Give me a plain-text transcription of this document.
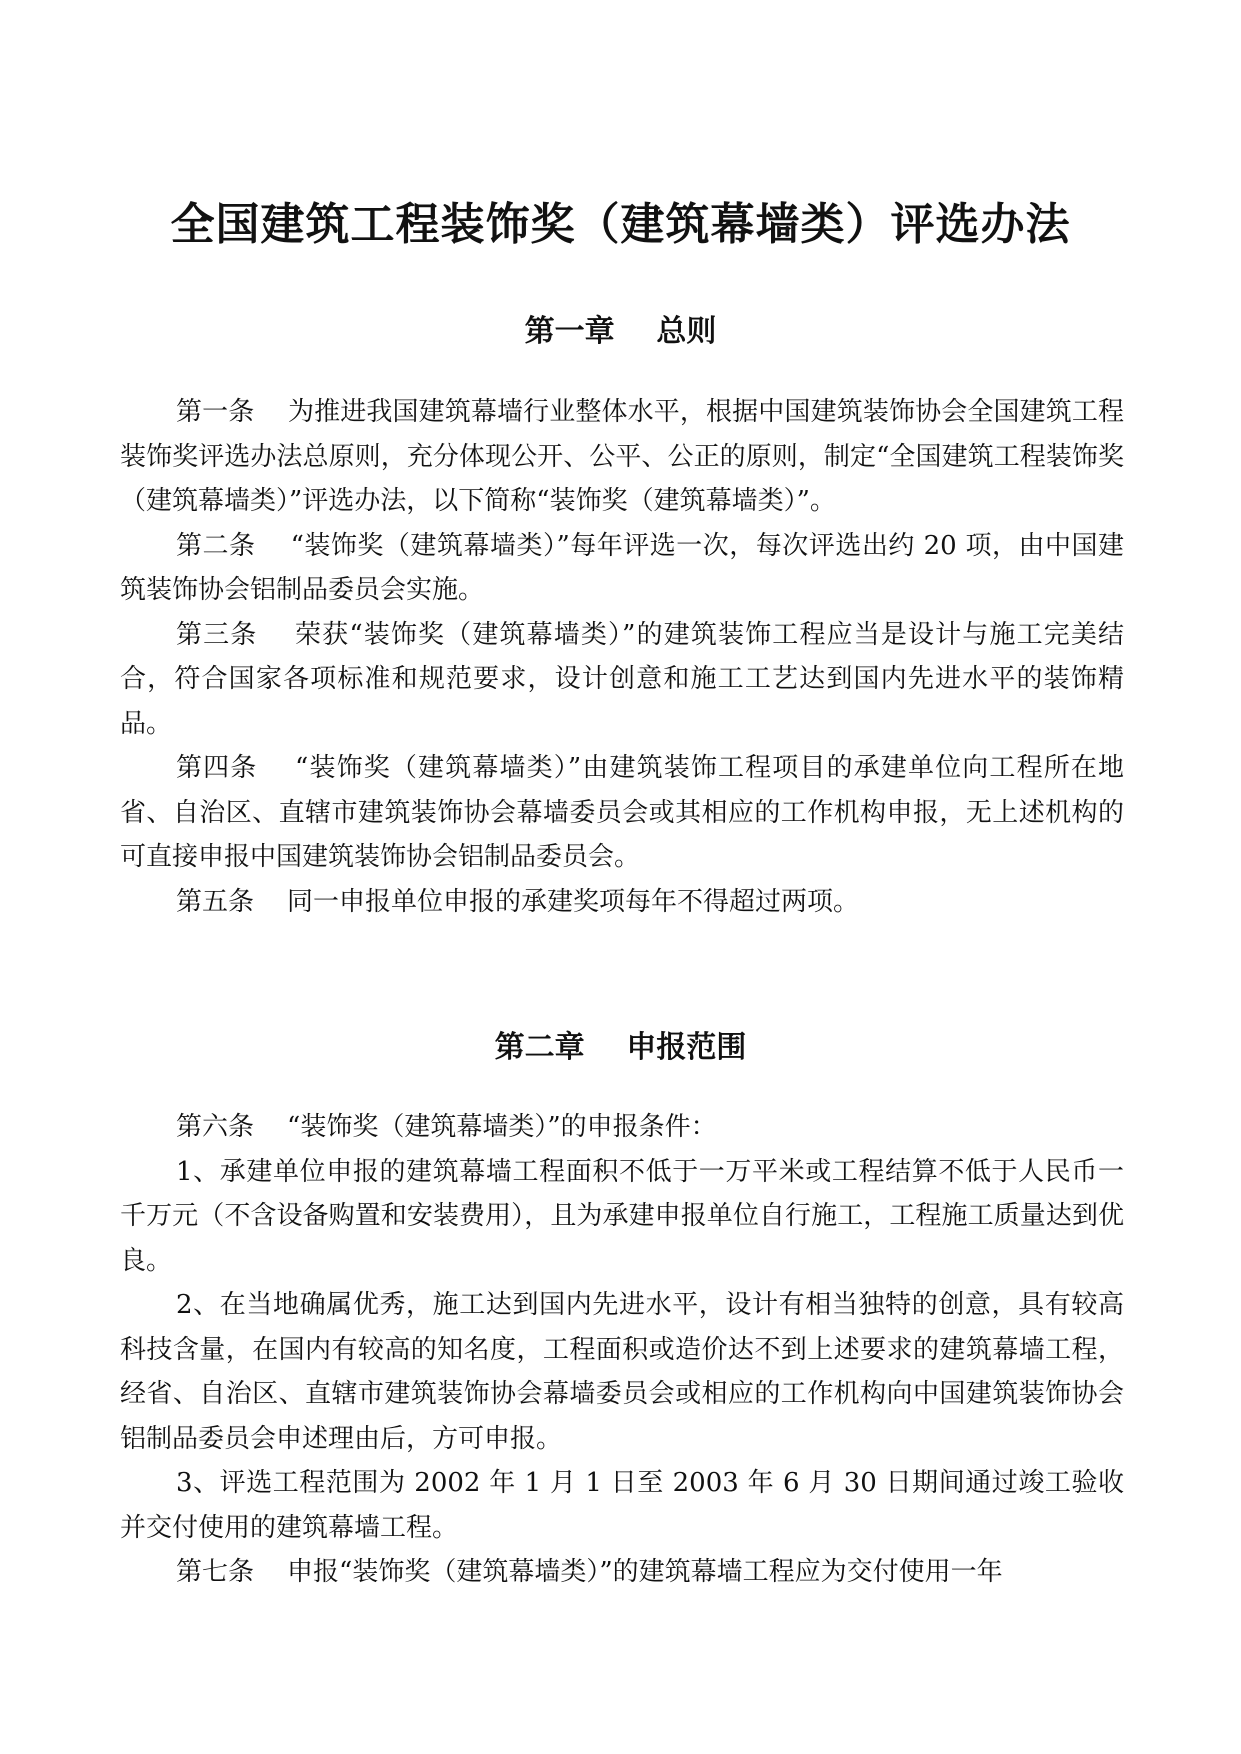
全国建筑工程装饰奖（建筑幕墙类）评选办法
第一章    总则

第一条    为推进我国建筑幕墙行业整体水平，根据中国建筑装饰协会全国建筑工程装饰奖评选办法总原则，充分体现公开、公平、公正的原则，制定“全国建筑工程装饰奖（建筑幕墙类）”评选办法，以下简称“装饰奖（建筑幕墙类）”。

第二条    “装饰奖（建筑幕墙类）”每年评选一次，每次评选出约 20 项，由中国建筑装饰协会铝制品委员会实施。

第三条    荣获“装饰奖（建筑幕墙类）”的建筑装饰工程应当是设计与施工完美结合，符合国家各项标准和规范要求，设计创意和施工工艺达到国内先进水平的装饰精品。

第四条    “装饰奖（建筑幕墙类）”由建筑装饰工程项目的承建单位向工程所在地省、自治区、直辖市建筑装饰协会幕墙委员会或其相应的工作机构申报，无上述机构的可直接申报中国建筑装饰协会铝制品委员会。

第五条    同一申报单位申报的承建奖项每年不得超过两项。

第二章    申报范围

第六条    “装饰奖（建筑幕墙类）”的申报条件：

1、承建单位申报的建筑幕墙工程面积不低于一万平米或工程结算不低于人民币一千万元（不含设备购置和安装费用），且为承建申报单位自行施工，工程施工质量达到优良。

2、在当地确属优秀，施工达到国内先进水平，设计有相当独特的创意，具有较高科技含量，在国内有较高的知名度，工程面积或造价达不到上述要求的建筑幕墙工程，经省、自治区、直辖市建筑装饰协会幕墙委员会或相应的工作机构向中国建筑装饰协会铝制品委员会申述理由后，方可申报。

3、评选工程范围为 2002 年 1 月 1 日至 2003 年 6 月 30 日期间通过竣工验收并交付使用的建筑幕墙工程。

第七条    申报“装饰奖（建筑幕墙类）”的建筑幕墙工程应为交付使用一年
